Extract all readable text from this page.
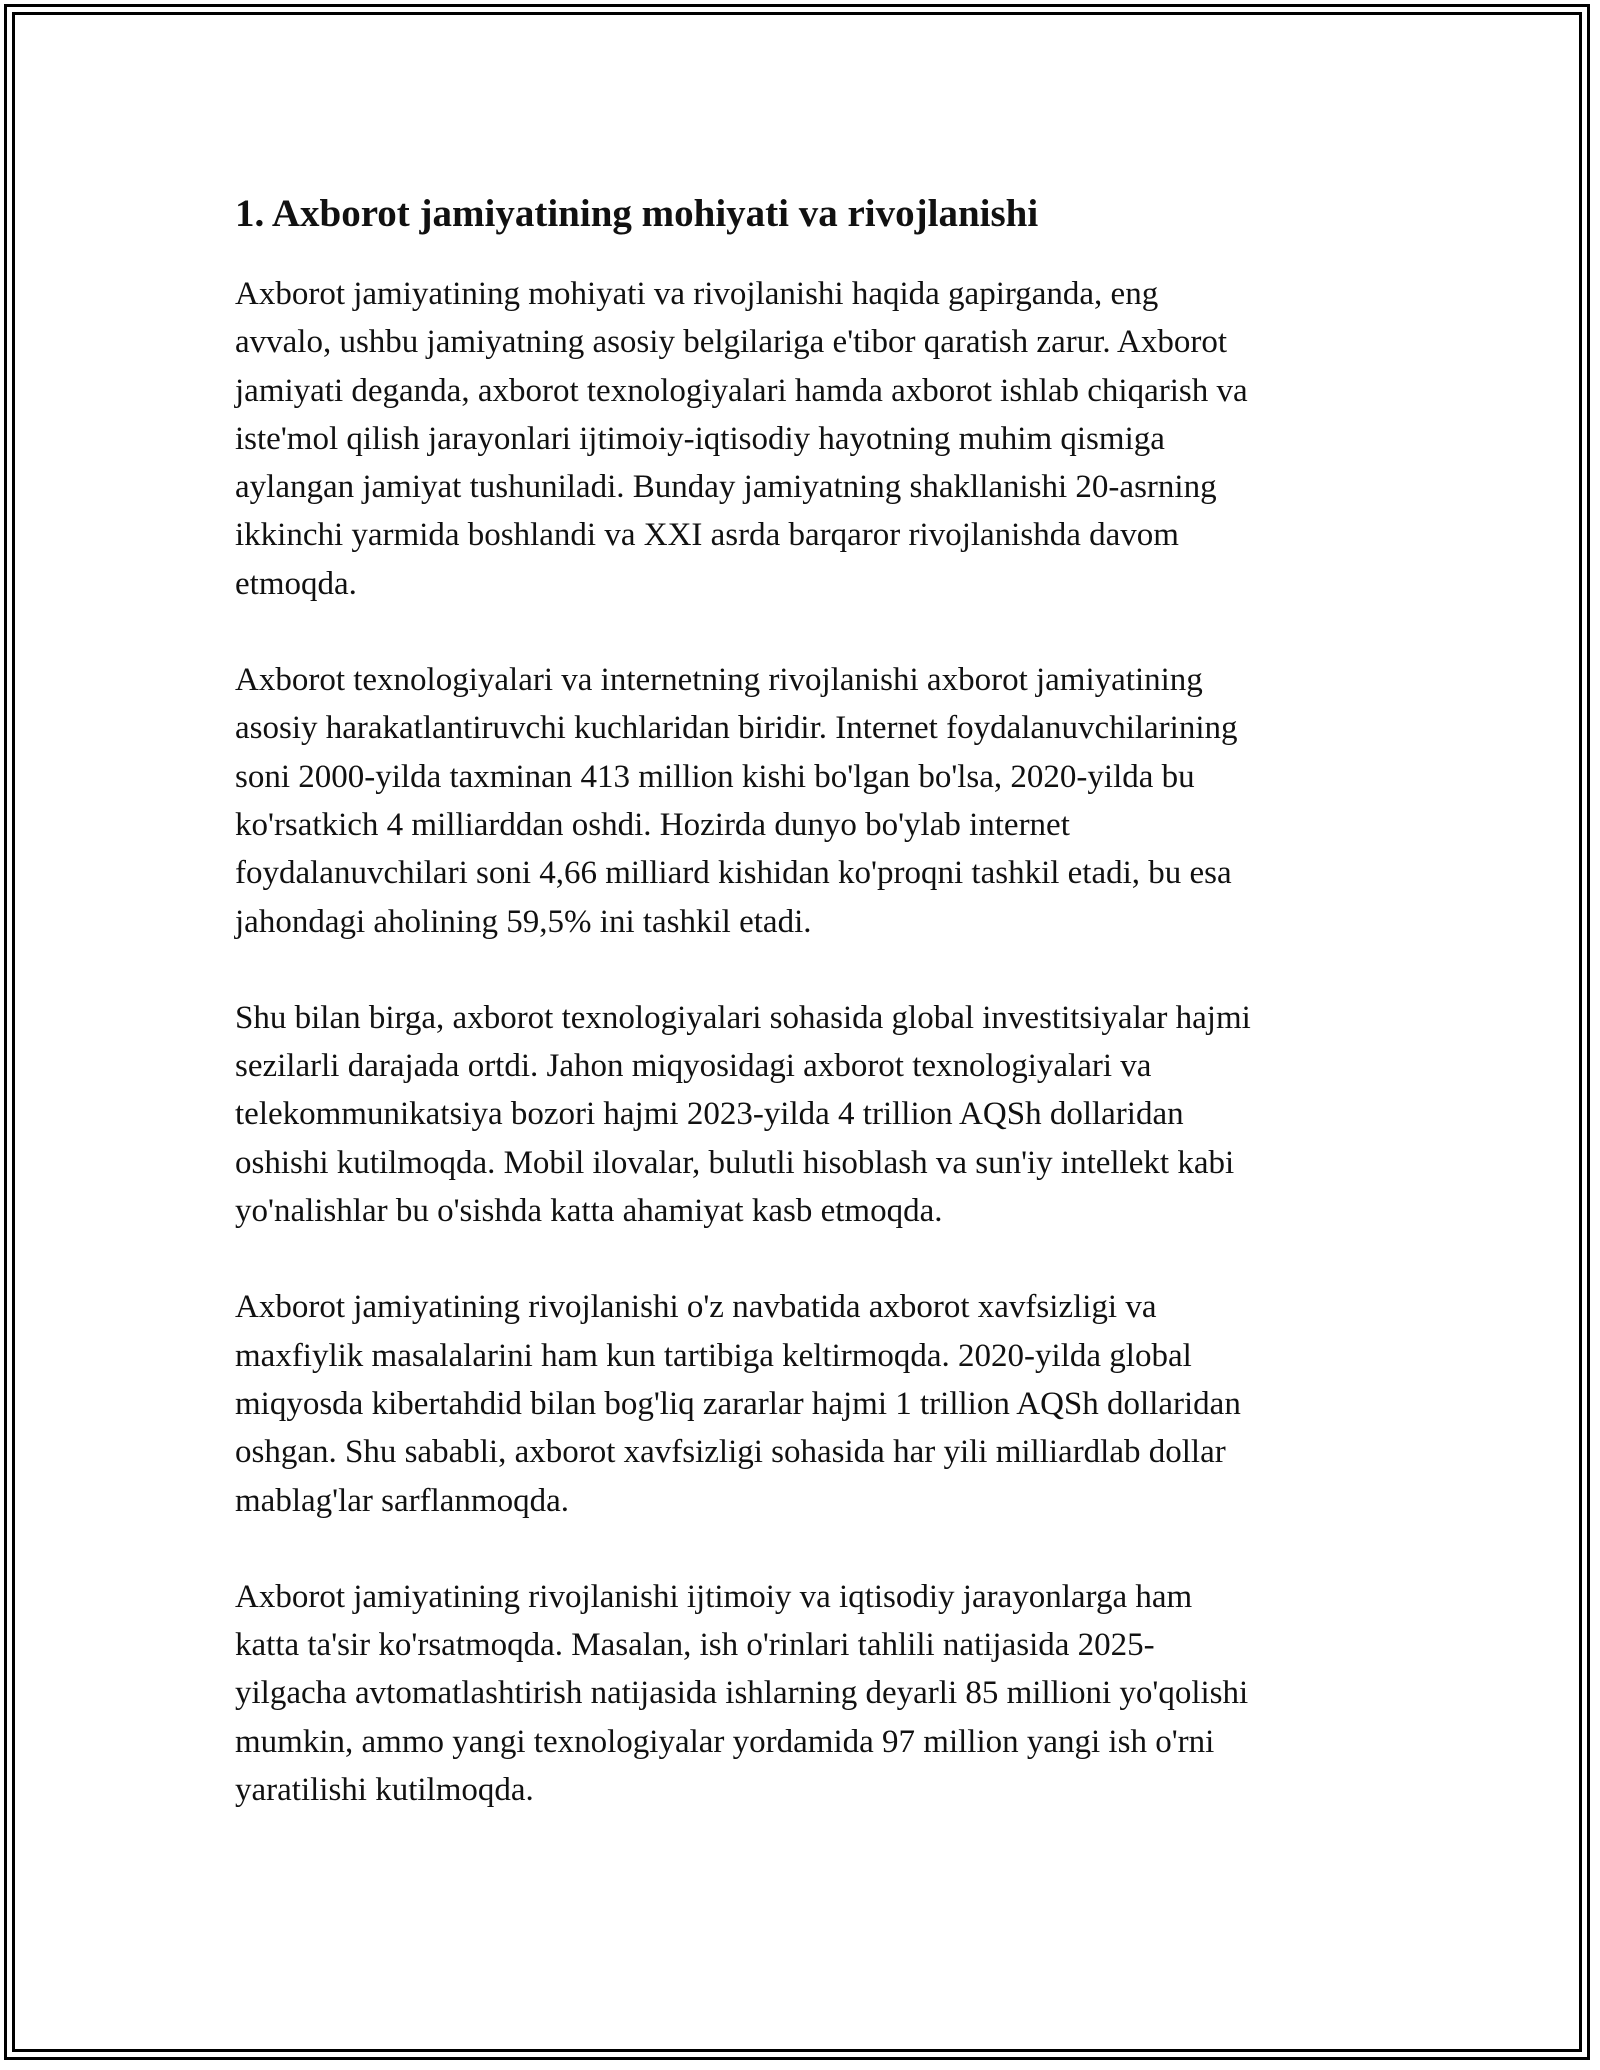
1. Axborot jamiyatining mohiyati va rivojlanishi

Axborot jamiyatining mohiyati va rivojlanishi haqida gapirganda, eng
avvalo, ushbu jamiyatning asosiy belgilariga e'tibor qaratish zarur. Axborot
jamiyati deganda, axborot texnologiyalari hamda axborot ishlab chiqarish va
iste'mol qilish jarayonlari ijtimoiy-iqtisodiy hayotning muhim qismiga
aylangan jamiyat tushuniladi. Bunday jamiyatning shakllanishi 20-asrning
ikkinchi yarmida boshlandi va XXI asrda barqaror rivojlanishda davom
etmoqda.

Axborot texnologiyalari va internetning rivojlanishi axborot jamiyatining
asosiy harakatlantiruvchi kuchlaridan biridir. Internet foydalanuvchilarining
soni 2000-yilda taxminan 413 million kishi bo'lgan bo'lsa, 2020-yilda bu
ko'rsatkich 4 milliarddan oshdi. Hozirda dunyo bo'ylab internet
foydalanuvchilari soni 4,66 milliard kishidan ko'proqni tashkil etadi, bu esa
jahondagi aholining 59,5% ini tashkil etadi.

Shu bilan birga, axborot texnologiyalari sohasida global investitsiyalar hajmi
sezilarli darajada ortdi. Jahon miqyosidagi axborot texnologiyalari va
telekommunikatsiya bozori hajmi 2023-yilda 4 trillion AQSh dollaridan
oshishi kutilmoqda. Mobil ilovalar, bulutli hisoblash va sun'iy intellekt kabi
yo'nalishlar bu o'sishda katta ahamiyat kasb etmoqda.

Axborot jamiyatining rivojlanishi o'z navbatida axborot xavfsizligi va
maxfiylik masalalarini ham kun tartibiga keltirmoqda. 2020-yilda global
miqyosda kibertahdid bilan bog'liq zararlar hajmi 1 trillion AQSh dollaridan
oshgan. Shu sababli, axborot xavfsizligi sohasida har yili milliardlab dollar
mablag'lar sarflanmoqda.

Axborot jamiyatining rivojlanishi ijtimoiy va iqtisodiy jarayonlarga ham
katta ta'sir ko'rsatmoqda. Masalan, ish o'rinlari tahlili natijasida 2025-
yilgacha avtomatlashtirish natijasida ishlarning deyarli 85 millioni yo'qolishi
mumkin, ammo yangi texnologiyalar yordamida 97 million yangi ish o'rni
yaratilishi kutilmoqda.
